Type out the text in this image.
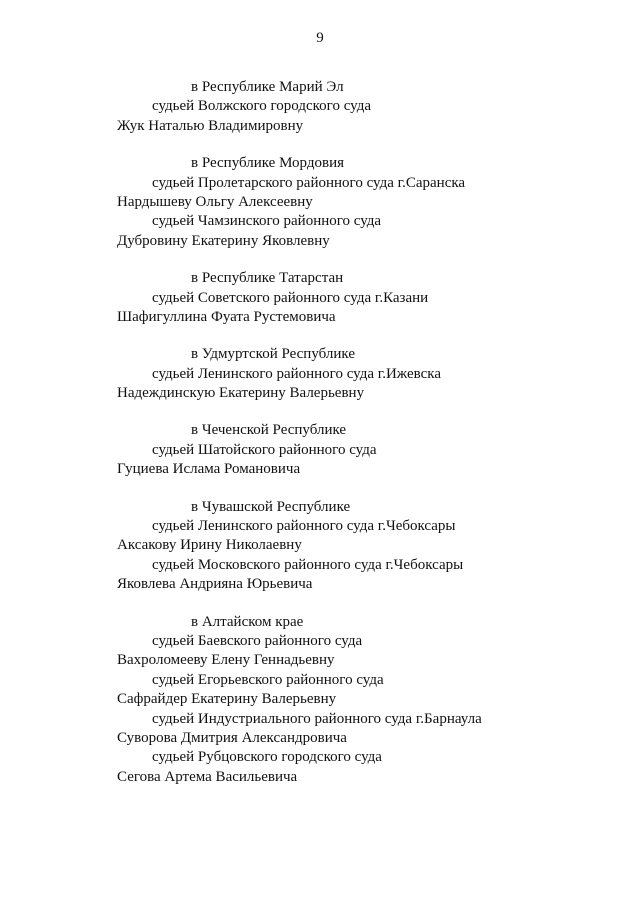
9
в Республике Марий Эл
судьей Волжского городского суда
Жук Наталью Владимировну
в Республике Мордовия
судьей Пролетарского районного суда г.Саранска
Нардышеву Ольгу Алексеевну
судьей Чамзинского районного суда
Дубровину Екатерину Яковлевну
в Республике Татарстан
судьей Советского районного суда г.Казани
Шафигуллина Фуата Рустемовича
в Удмуртской Республике
судьей Ленинского районного суда г.Ижевска
Надеждинскую Екатерину Валерьевну
в Чеченской Республике
судьей Шатойского районного суда
Гуциева Ислама Романовича
в Чувашской Республике
судьей Ленинского районного суда г.Чебоксары
Аксакову Ирину Николаевну
судьей Московского районного суда г.Чебоксары
Яковлева Андрияна Юрьевича
в Алтайском крае
судьей Баевского районного суда
Вахроломееву Елену Геннадьевну
судьей Егорьевского районного суда
Сафрайдер Екатерину Валерьевну
судьей Индустриального районного суда г.Барнаула
Суворова Дмитрия Александровича
судьей Рубцовского городского суда
Сегова Артема Васильевича
